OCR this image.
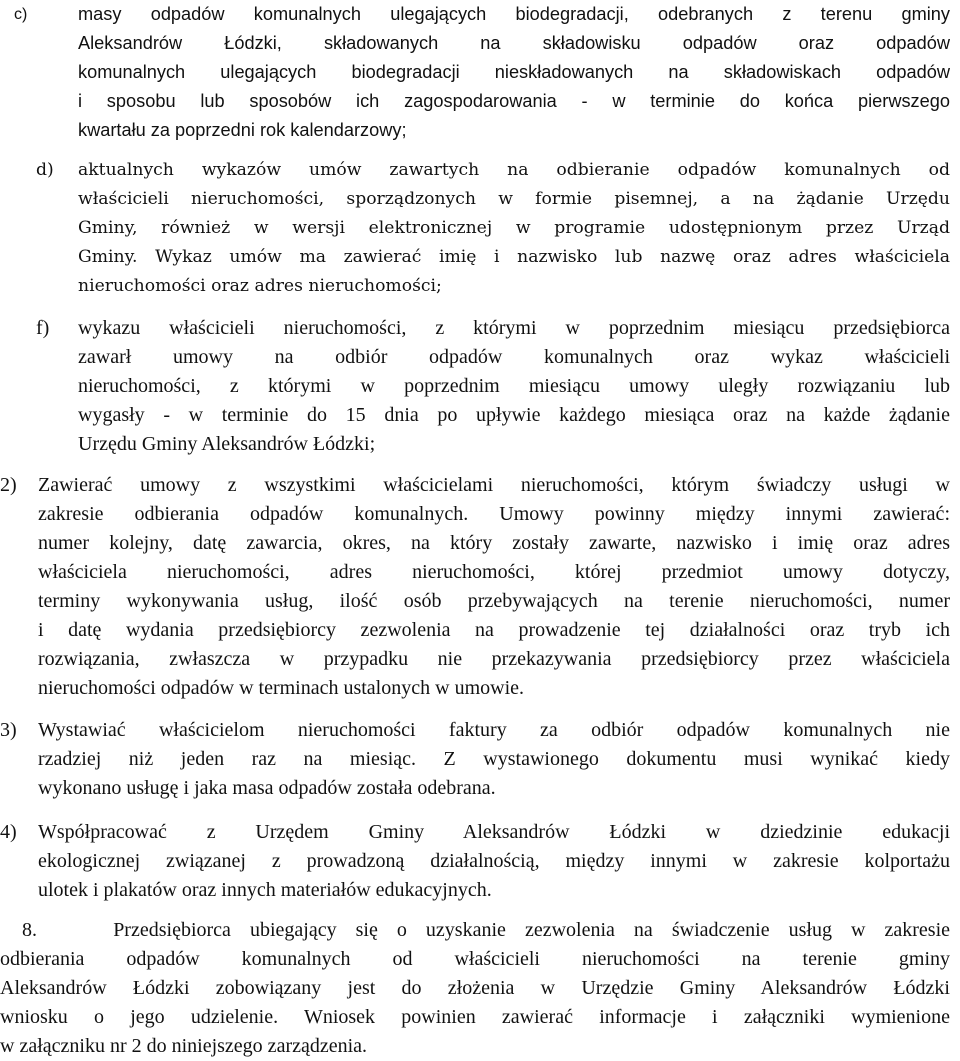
c)	masy odpadów komunalnych ulegających biodegradacji, odebranych z terenu gminy
Aleksandrów Łódzki, składowanych na składowisku odpadów oraz odpadów
komunalnych ulegających biodegradacji nieskładowanych na składowiskach odpadów
i sposobu lub sposobów ich zagospodarowania - w terminie do końca pierwszego
kwartału za poprzedni rok kalendarzowy;
d) aktualnych wykazów umów zawartych na odbieranie odpadów komunalnych od
właścicieli nieruchomości, sporządzonych w formie pisemnej, a na żądanie Urzędu
Gminy, również w wersji elektronicznej w programie udostępnionym przez Urząd
Gminy. Wykaz umów ma zawierać imię i nazwisko lub nazwę oraz adres właściciela
nieruchomości oraz adres nieruchomości;
f) wykazu właścicieli nieruchomości, z którymi w poprzednim miesiącu przedsiębiorca
zawarł umowy na odbiór odpadów komunalnych oraz wykaz właścicieli
nieruchomości, z którymi w poprzednim miesiącu umowy uległy rozwiązaniu lub
wygasły - w terminie do 15 dnia po upływie każdego miesiąca oraz na każde żądanie
Urzędu Gminy Aleksandrów Łódzki;
2) Zawierać umowy z wszystkimi właścicielami nieruchomości, którym świadczy usługi w
zakresie odbierania odpadów komunalnych. Umowy powinny między innymi zawierać:
numer kolejny, datę zawarcia, okres, na który zostały zawarte, nazwisko i imię oraz adres
właściciela nieruchomości, adres nieruchomości, której przedmiot umowy dotyczy,
terminy wykonywania usług, ilość osób przebywających na terenie nieruchomości, numer
i datę wydania przedsiębiorcy zezwolenia na prowadzenie tej działalności oraz tryb ich
rozwiązania, zwłaszcza w przypadku nie przekazywania przedsiębiorcy przez właściciela
nieruchomości odpadów w terminach ustalonych w umowie.
3) Wystawiać właścicielom nieruchomości faktury za odbiór odpadów komunalnych nie
rzadziej niż jeden raz na miesiąc. Z wystawionego dokumentu musi wynikać kiedy
wykonano usługę i jaka masa odpadów została odebrana.
4) Współpracować z Urzędem Gminy Aleksandrów Łódzki w dziedzinie edukacji
ekologicznej związanej z prowadzoną działalnością, między innymi w zakresie kolportażu
ulotek i plakatów oraz innych materiałów edukacyjnych.
8.	Przedsiębiorca ubiegający się o uzyskanie zezwolenia na świadczenie usług w zakresie
odbierania odpadów komunalnych od właścicieli nieruchomości na terenie gminy
Aleksandrów Łódzki zobowiązany jest do złożenia w Urzędzie Gminy Aleksandrów Łódzki
wniosku o jego udzielenie. Wniosek powinien zawierać informacje i załączniki wymienione
w załączniku nr 2 do niniejszego zarządzenia.
